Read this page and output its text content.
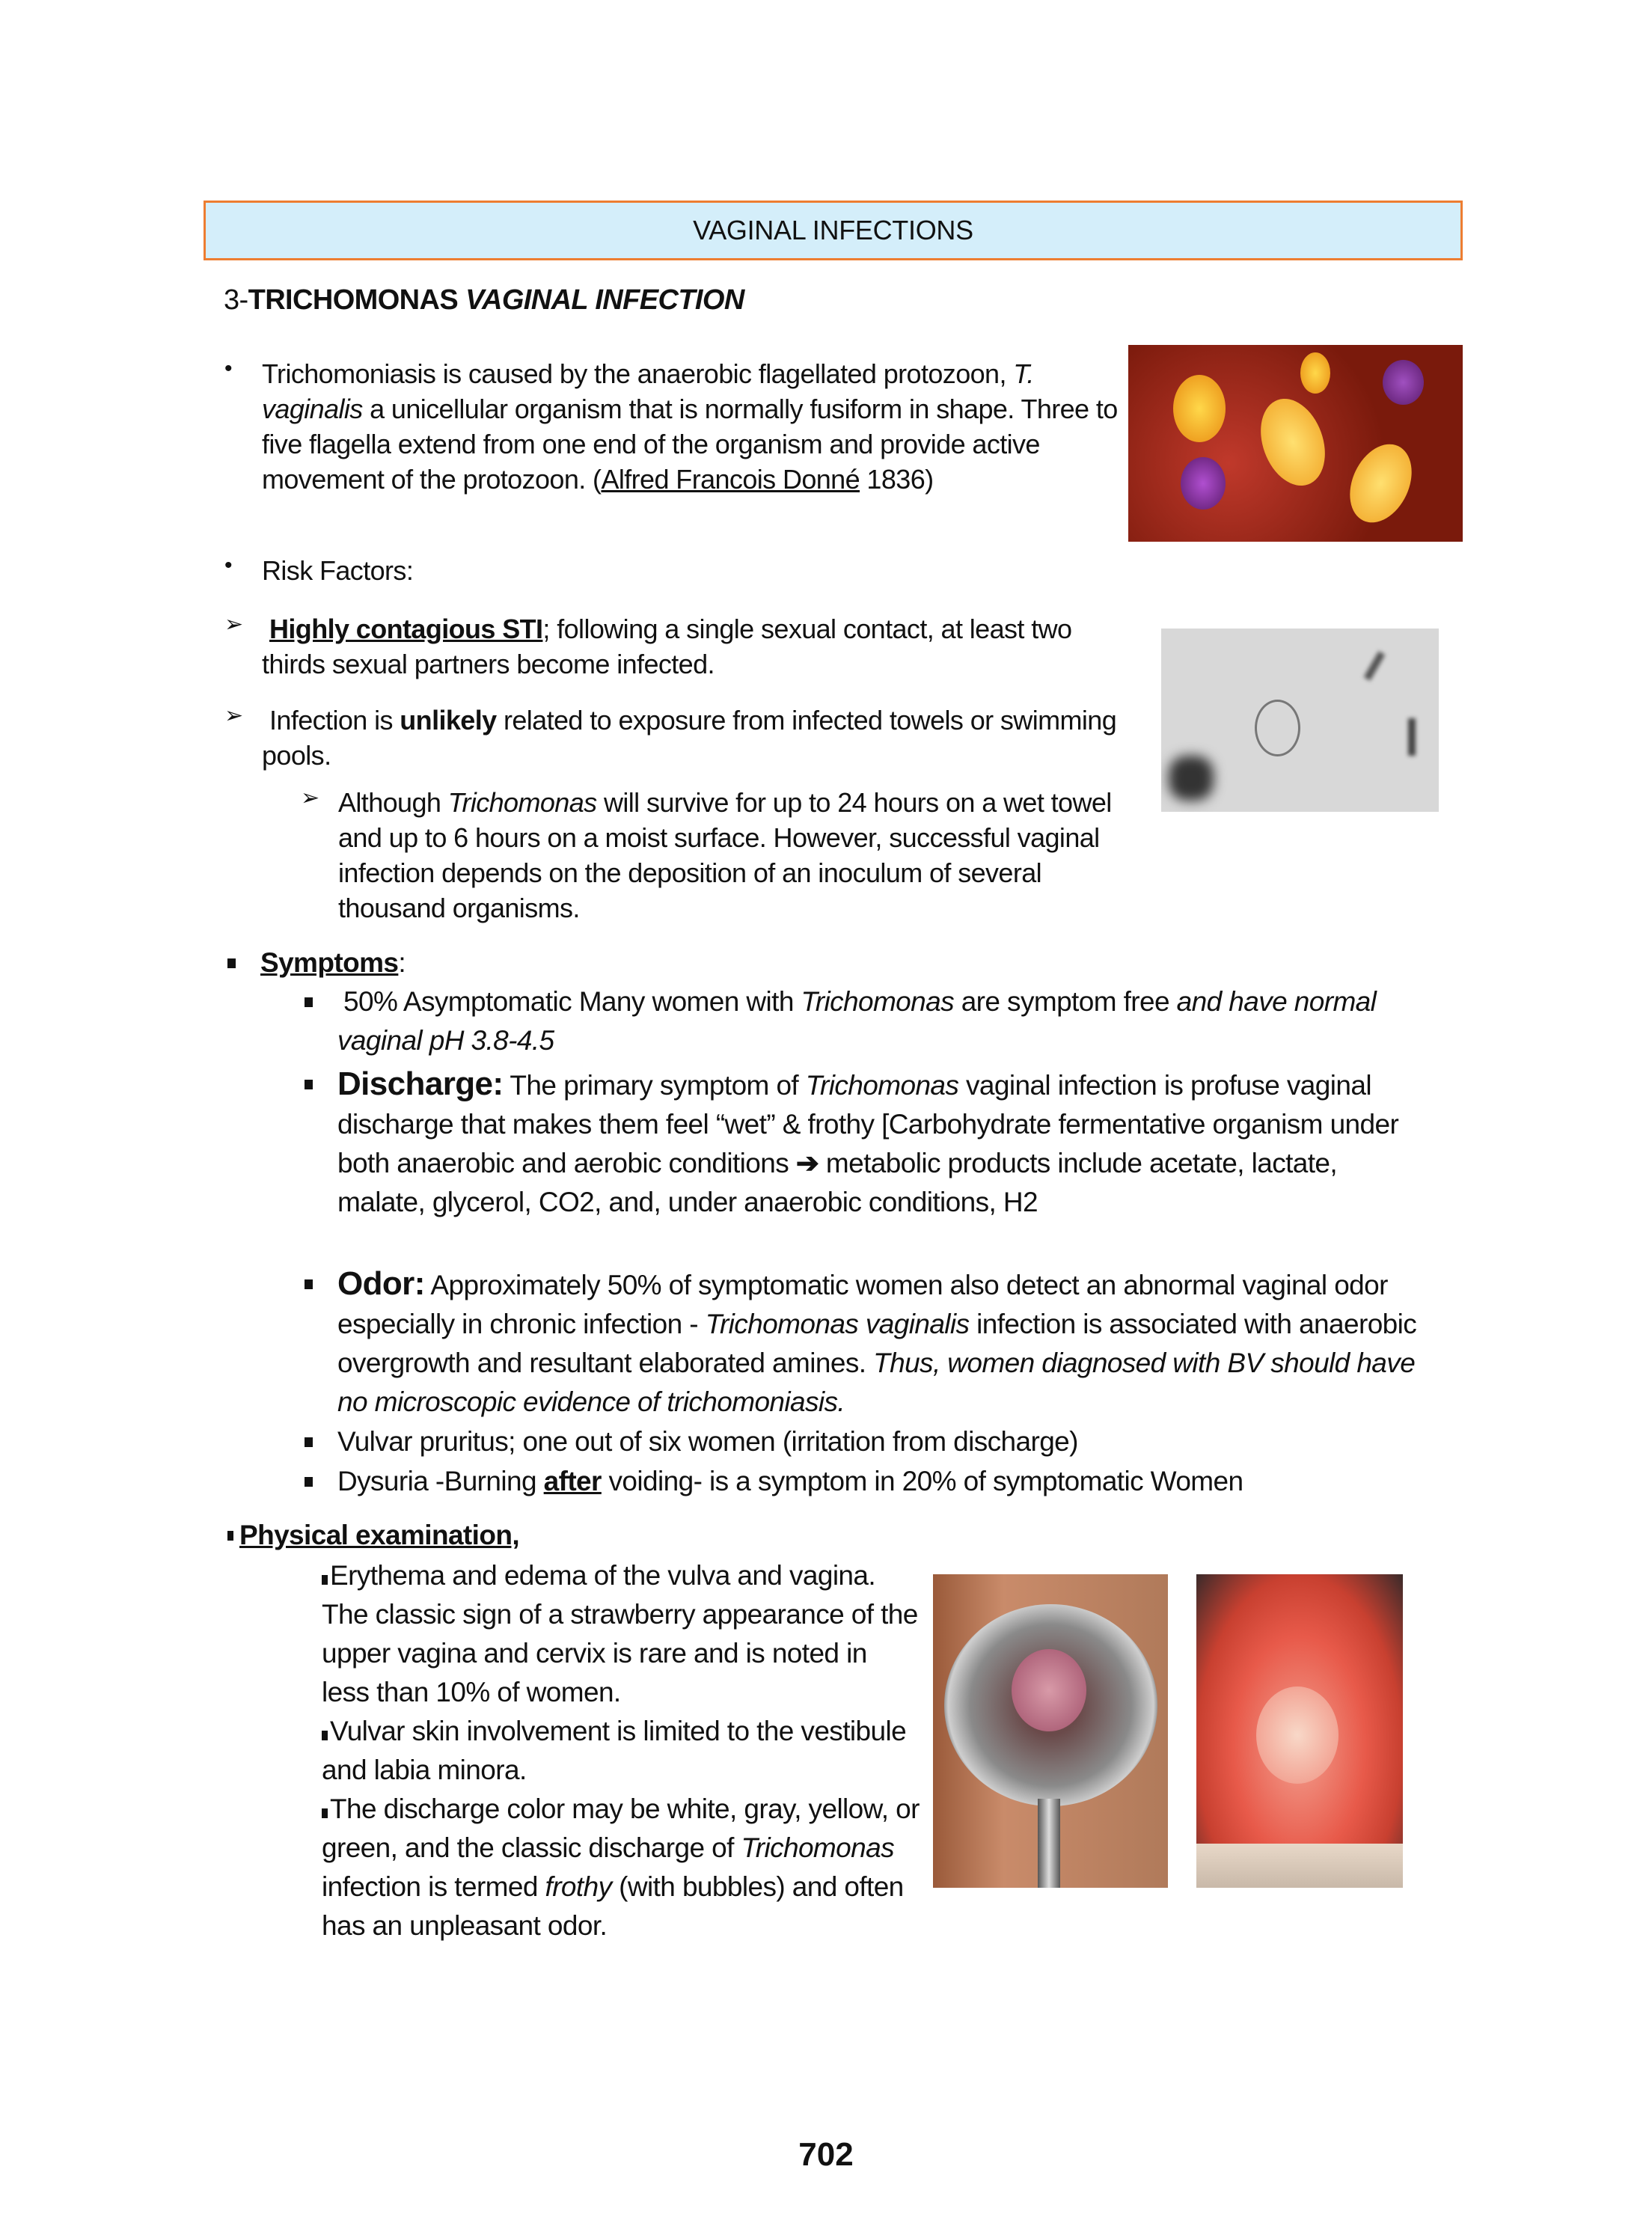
VAGINAL INFECTIONS
3-TRICHOMONAS VAGINAL INFECTION
• Trichomoniasis is caused by the anaerobic flagellated protozoon, T. vaginalis a unicellular organism that is normally fusiform in shape. Three to five flagella extend from one end of the organism and provide active movement of the protozoon. (Alfred Francois Donné 1836)
• Risk Factors:
➢ Highly contagious STI; following a single sexual contact, at least two thirds sexual partners become infected.
➢ Infection is unlikely related to exposure from infected towels or swimming pools.
➢ Although Trichomonas will survive for up to 24 hours on a wet towel and up to 6 hours on a moist surface. However, successful vaginal infection depends on the deposition of an inoculum of several thousand organisms.
Symptoms:
50% Asymptomatic Many women with Trichomonas are symptom free and have normal vaginal pH 3.8-4.5
Discharge: The primary symptom of Trichomonas vaginal infection is profuse vaginal discharge that makes them feel “wet” & frothy [Carbohydrate fermentative organism under both anaerobic and aerobic conditions ➔ metabolic products include acetate, lactate, malate, glycerol, CO2, and, under anaerobic conditions, H2
Odor: Approximately 50% of symptomatic women also detect an abnormal vaginal odor especially in chronic infection - Trichomonas vaginalis infection is associated with anaerobic overgrowth and resultant elaborated amines. Thus, women diagnosed with BV should have no microscopic evidence of trichomoniasis.
Vulvar pruritus; one out of six women (irritation from discharge)
Dysuria -Burning after voiding- is a symptom in 20% of symptomatic Women
Physical examination,
Erythema and edema of the vulva and vagina. The classic sign of a strawberry appearance of the upper vagina and cervix is rare and is noted in less than 10% of women.
Vulvar skin involvement is limited to the vestibule and labia minora.
The discharge color may be white, gray, yellow, or green, and the classic discharge of Trichomonas infection is termed frothy (with bubbles) and often has an unpleasant odor.
702
